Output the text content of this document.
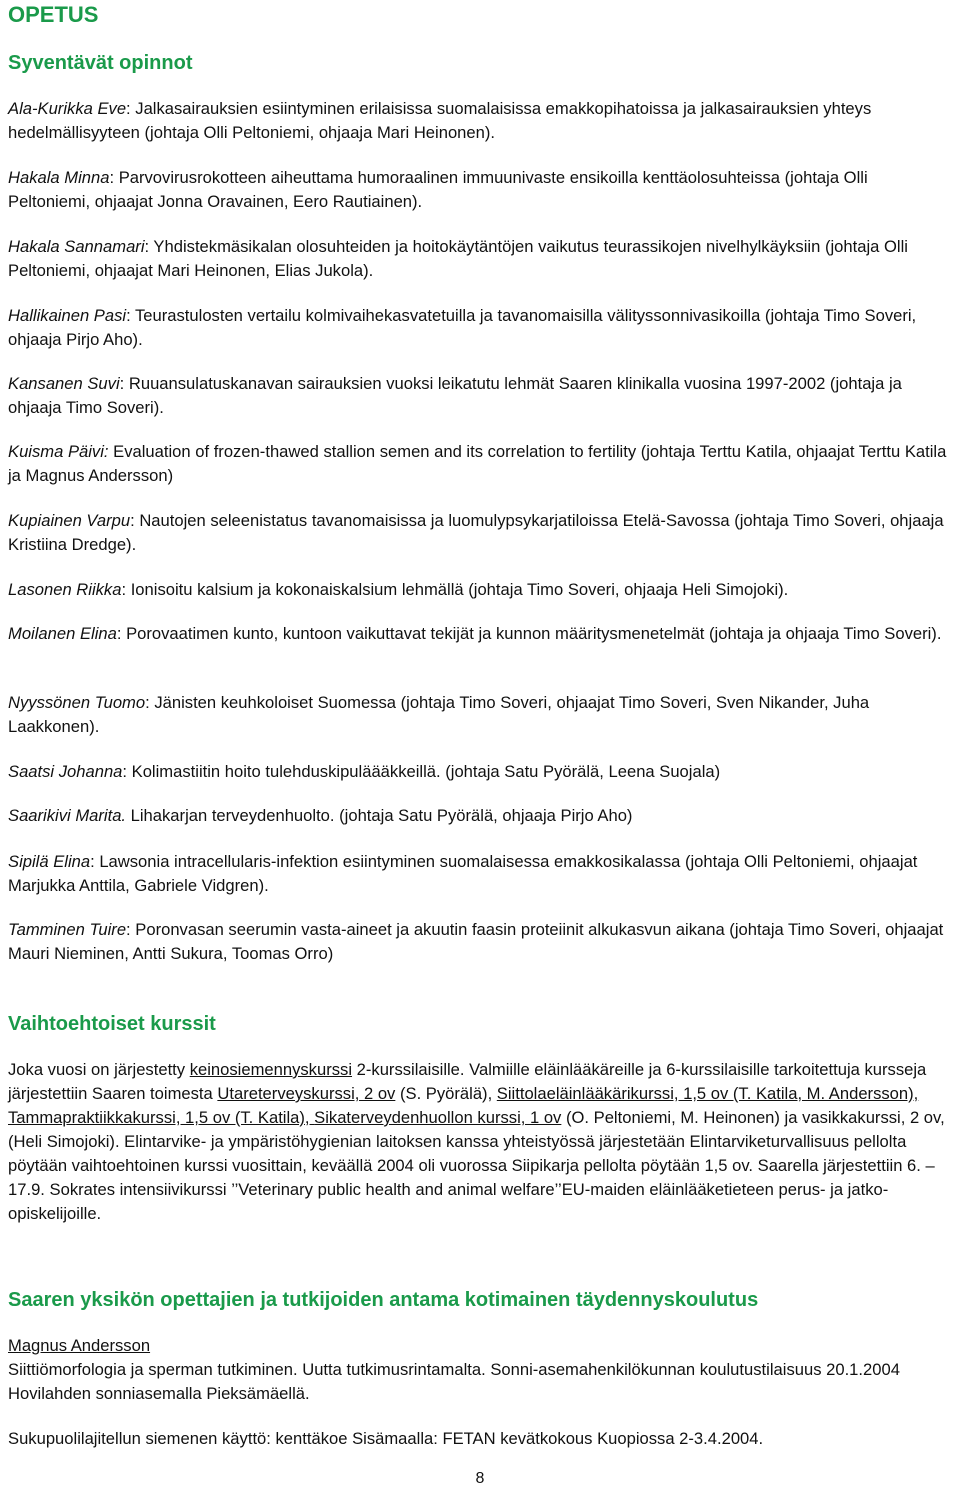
OPETUS
Syventävät opinnot

Ala-Kurikka Eve: Jalkasairauksien esiintyminen erilaisissa suomalaisissa emakkopihatoissa ja jalkasairauksien yhteys hedelmällisyyteen (johtaja Olli Peltoniemi, ohjaaja Mari Heinonen).

Hakala Minna: Parvovirusrokotteen aiheuttama humoraalinen immuunivaste ensikoilla kenttäolosuhteissa (johtaja Olli Peltoniemi, ohjaajat Jonna Oravainen, Eero Rautiainen).

Hakala Sannamari: Yhdistekmäsikalan olosuhteiden ja hoitokäytäntöjen vaikutus teurassikojen nivelhylkäyksiin (johtaja Olli Peltoniemi, ohjaajat Mari Heinonen, Elias Jukola).

Hallikainen Pasi: Teurastulosten vertailu kolmivaihekasvatetuilla ja tavanomaisilla välityssonnivasikoilla (johtaja Timo Soveri, ohjaaja Pirjo Aho).

Kansanen Suvi: Ruuansulatuskanavan sairauksien vuoksi leikatutu lehmät Saaren klinikalla vuosina 1997-2002 (johtaja ja ohjaaja Timo Soveri).

Kuisma Päivi: Evaluation of frozen-thawed stallion semen and its correlation to fertility (johtaja Terttu Katila, ohjaajat Terttu Katila ja Magnus Andersson)

Kupiainen Varpu: Nautojen seleenistatus tavanomaisissa ja luomulypsykarjatiloissa Etelä-Savossa (johtaja Timo Soveri, ohjaaja Kristiina Dredge).

Lasonen Riikka: Ionisoitu kalsium ja kokonaiskalsium lehmällä (johtaja Timo Soveri, ohjaaja Heli Simojoki).

Moilanen Elina: Porovaatimen kunto, kuntoon vaikuttavat tekijät ja kunnon määritysmenetelmät (johtaja ja ohjaaja Timo Soveri).

Nyyssönen Tuomo: Jänisten keuhkoloiset Suomessa (johtaja Timo Soveri, ohjaajat Timo Soveri, Sven Nikander, Juha Laakkonen).

Saatsi Johanna: Kolimastiitin hoito tulehduskipuläääkkeillä. (johtaja Satu Pyörälä, Leena Suojala)

Saarikivi Marita. Lihakarjan terveydenhuolto. (johtaja Satu Pyörälä, ohjaaja Pirjo Aho)

Sipilä Elina: Lawsonia intracellularis-infektion esiintyminen suomalaisessa emakkosikalassa (johtaja Olli Peltoniemi, ohjaajat Marjukka Anttila, Gabriele Vidgren).

Tamminen Tuire: Poronvasan seerumin vasta-aineet ja akuutin faasin proteiinit alkukasvun aikana (johtaja Timo Soveri, ohjaajat Mauri Nieminen, Antti Sukura, Toomas Orro)

Vaihtoehtoiset kurssit

Joka vuosi on järjestetty keinosiemennyskurssi 2-kurssilaisille. Valmiille eläinlääkäreille ja 6-kurssilaisille tarkoitettuja kursseja järjestettiin Saaren toimesta Utareterveyskurssi, 2 ov (S. Pyörälä), Siittolaeläinlääkärikurssi, 1,5 ov (T. Katila, M. Andersson), Tammapraktiikkakurssi, 1,5 ov (T. Katila), Sikaterveydenhuollon kurssi, 1 ov (O. Peltoniemi, M. Heinonen) ja vasikkakurssi, 2 ov, (Heli Simojoki). Elintarvike- ja ympäristöhygienian laitoksen kanssa yhteistyössä järjestetään Elintarviketurvallisuus pellolta pöytään vaihtoehtoinen kurssi vuosittain, keväällä 2004 oli vuorossa Siipikarja pellolta pöytään 1,5 ov. Saarella järjestettiin 6. – 17.9. Sokrates intensiivikurssi ’’Veterinary public health and animal welfare’’EU-maiden eläinlääketieteen perus- ja jatko-opiskelijoille.

Saaren yksikön opettajien ja tutkijoiden antama kotimainen täydennyskoulutus

Magnus Andersson
Siittiömorfologia ja sperman tutkiminen. Uutta tutkimusrintamalta. Sonni-asemahenkilökunnan koulutustilaisuus 20.1.2004 Hovilahden sonniasemalla Pieksämäellä.

Sukupuolilajitellun siemenen käyttö: kenttäkoe Sisämaalla: FETAN kevätkokous Kuopiossa 2-3.4.2004.

8
